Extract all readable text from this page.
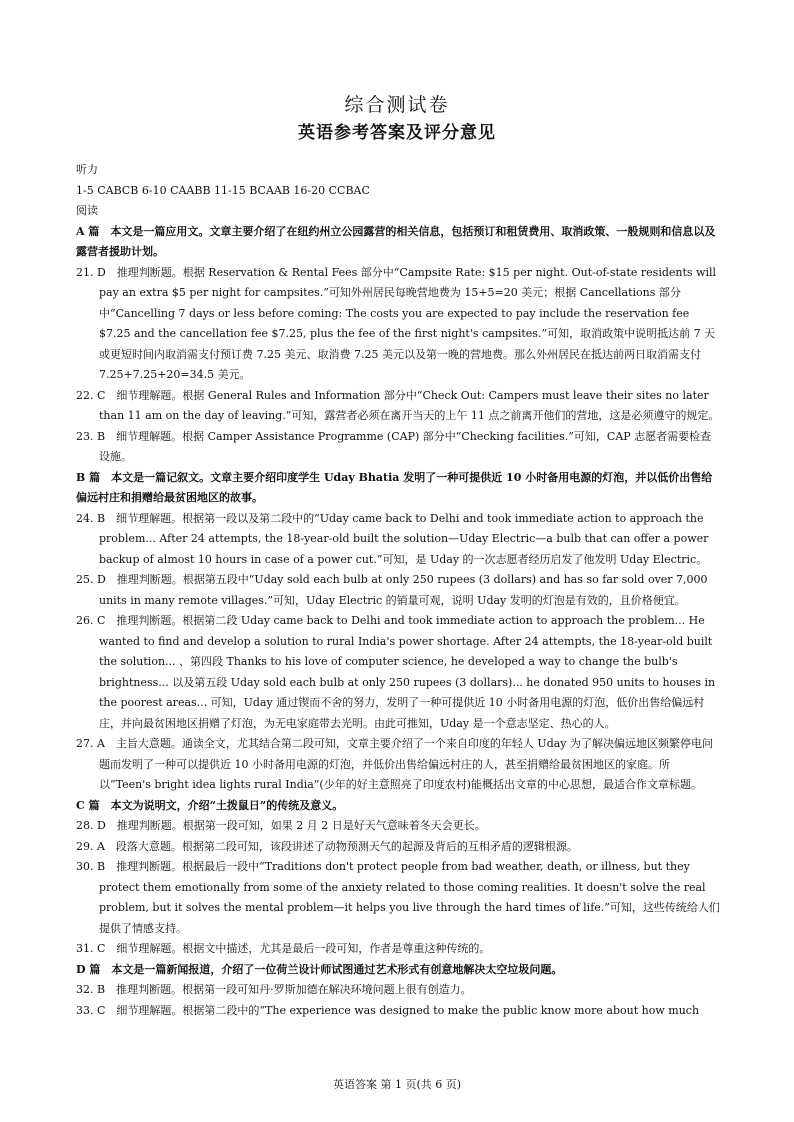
综合测试卷
英语参考答案及评分意见

听力

1-5 CABCB 6-10 CAABB 11-15 BCAAB 16-20 CCBAC

阅读

A 篇　本文是一篇应用文。文章主要介绍了在纽约州立公园露营的相关信息，包括预订和租赁费用、取消政策、一般规则和信息以及露营者援助计划。

21. D　推理判断题。根据 Reservation & Rental Fees 部分中“Campsite Rate: $15 per night. Out-of-state residents will pay an extra $5 per night for campsites.”可知外州居民每晚营地费为 15+5=20 美元；根据 Cancellations 部分中“Cancelling 7 days or less before coming: The costs you are expected to pay include the reservation fee $7.25 and the cancellation fee $7.25, plus the fee of the first night's campsites.”可知，取消政策中说明抵达前 7 天或更短时间内取消需支付预订费 7.25 美元、取消费 7.25 美元以及第一晚的营地费。那么外州居民在抵达前两日取消需支付 7.25+7.25+20=34.5 美元。

22. C　细节理解题。根据 General Rules and Information 部分中“Check Out: Campers must leave their sites no later than 11 am on the day of leaving.”可知，露营者必须在离开当天的上午 11 点之前离开他们的营地，这是必须遵守的规定。

23. B　细节理解题。根据 Camper Assistance Programme (CAP) 部分中“Checking facilities.”可知，CAP 志愿者需要检查设施。

B 篇　本文是一篇记叙文。文章主要介绍印度学生 Uday Bhatia 发明了一种可提供近 10 小时备用电源的灯泡，并以低价出售给偏远村庄和捐赠给最贫困地区的故事。

24. B　细节理解题。根据第一段以及第二段中的“Uday came back to Delhi and took immediate action to approach the problem... After 24 attempts, the 18-year-old built the solution—Uday Electric—a bulb that can offer a power backup of almost 10 hours in case of a power cut.”可知，是 Uday 的一次志愿者经历启发了他发明 Uday Electric。

25. D　推理判断题。根据第五段中“Uday sold each bulb at only 250 rupees (3 dollars) and has so far sold over 7,000 units in many remote villages.”可知，Uday Electric 的销量可观，说明 Uday 发明的灯泡是有效的，且价格便宜。

26. C　推理判断题。根据第二段 Uday came back to Delhi and took immediate action to approach the problem... He wanted to find and develop a solution to rural India's power shortage. After 24 attempts, the 18-year-old built the solution... 、第四段 Thanks to his love of computer science, he developed a way to change the bulb's brightness... 以及第五段 Uday sold each bulb at only 250 rupees (3 dollars)... he donated 950 units to houses in the poorest areas... 可知，Uday 通过锲而不舍的努力，发明了一种可提供近 10 小时备用电源的灯泡，低价出售给偏远村庄，并向最贫困地区捐赠了灯泡，为无电家庭带去光明。由此可推知，Uday 是一个意志坚定、热心的人。

27. A　主旨大意题。通读全文，尤其结合第二段可知，文章主要介绍了一个来自印度的年轻人 Uday 为了解决偏远地区频繁停电问题而发明了一种可以提供近 10 小时备用电源的灯泡，并低价出售给偏远村庄的人，甚至捐赠给最贫困地区的家庭。所以“Teen's bright idea lights rural India”(少年的好主意照亮了印度农村)能概括出文章的中心思想，最适合作文章标题。

C 篇　本文为说明文，介绍“土拨鼠日”的传统及意义。

28. D　推理判断题。根据第一段可知，如果 2 月 2 日是好天气意味着冬天会更长。

29. A　段落大意题。根据第二段可知，该段讲述了动物预测天气的起源及背后的互相矛盾的逻辑根源。

30. B　推理判断题。根据最后一段中“Traditions don't protect people from bad weather, death, or illness, but they protect them emotionally from some of the anxiety related to those coming realities. It doesn't solve the real problem, but it solves the mental problem—it helps you live through the hard times of life.”可知，这些传统给人们提供了情感支持。

31. C　细节理解题。根据文中描述，尤其是最后一段可知，作者是尊重这种传统的。

D 篇　本文是一篇新闻报道，介绍了一位荷兰设计师试图通过艺术形式有创意地解决太空垃圾问题。

32. B　推理判断题。根据第一段可知丹·罗斯加德在解决环境问题上很有创造力。

33. C　细节理解题。根据第二段中的“The experience was designed to make the public know more about how much

英语答案 第 1 页(共 6 页)
